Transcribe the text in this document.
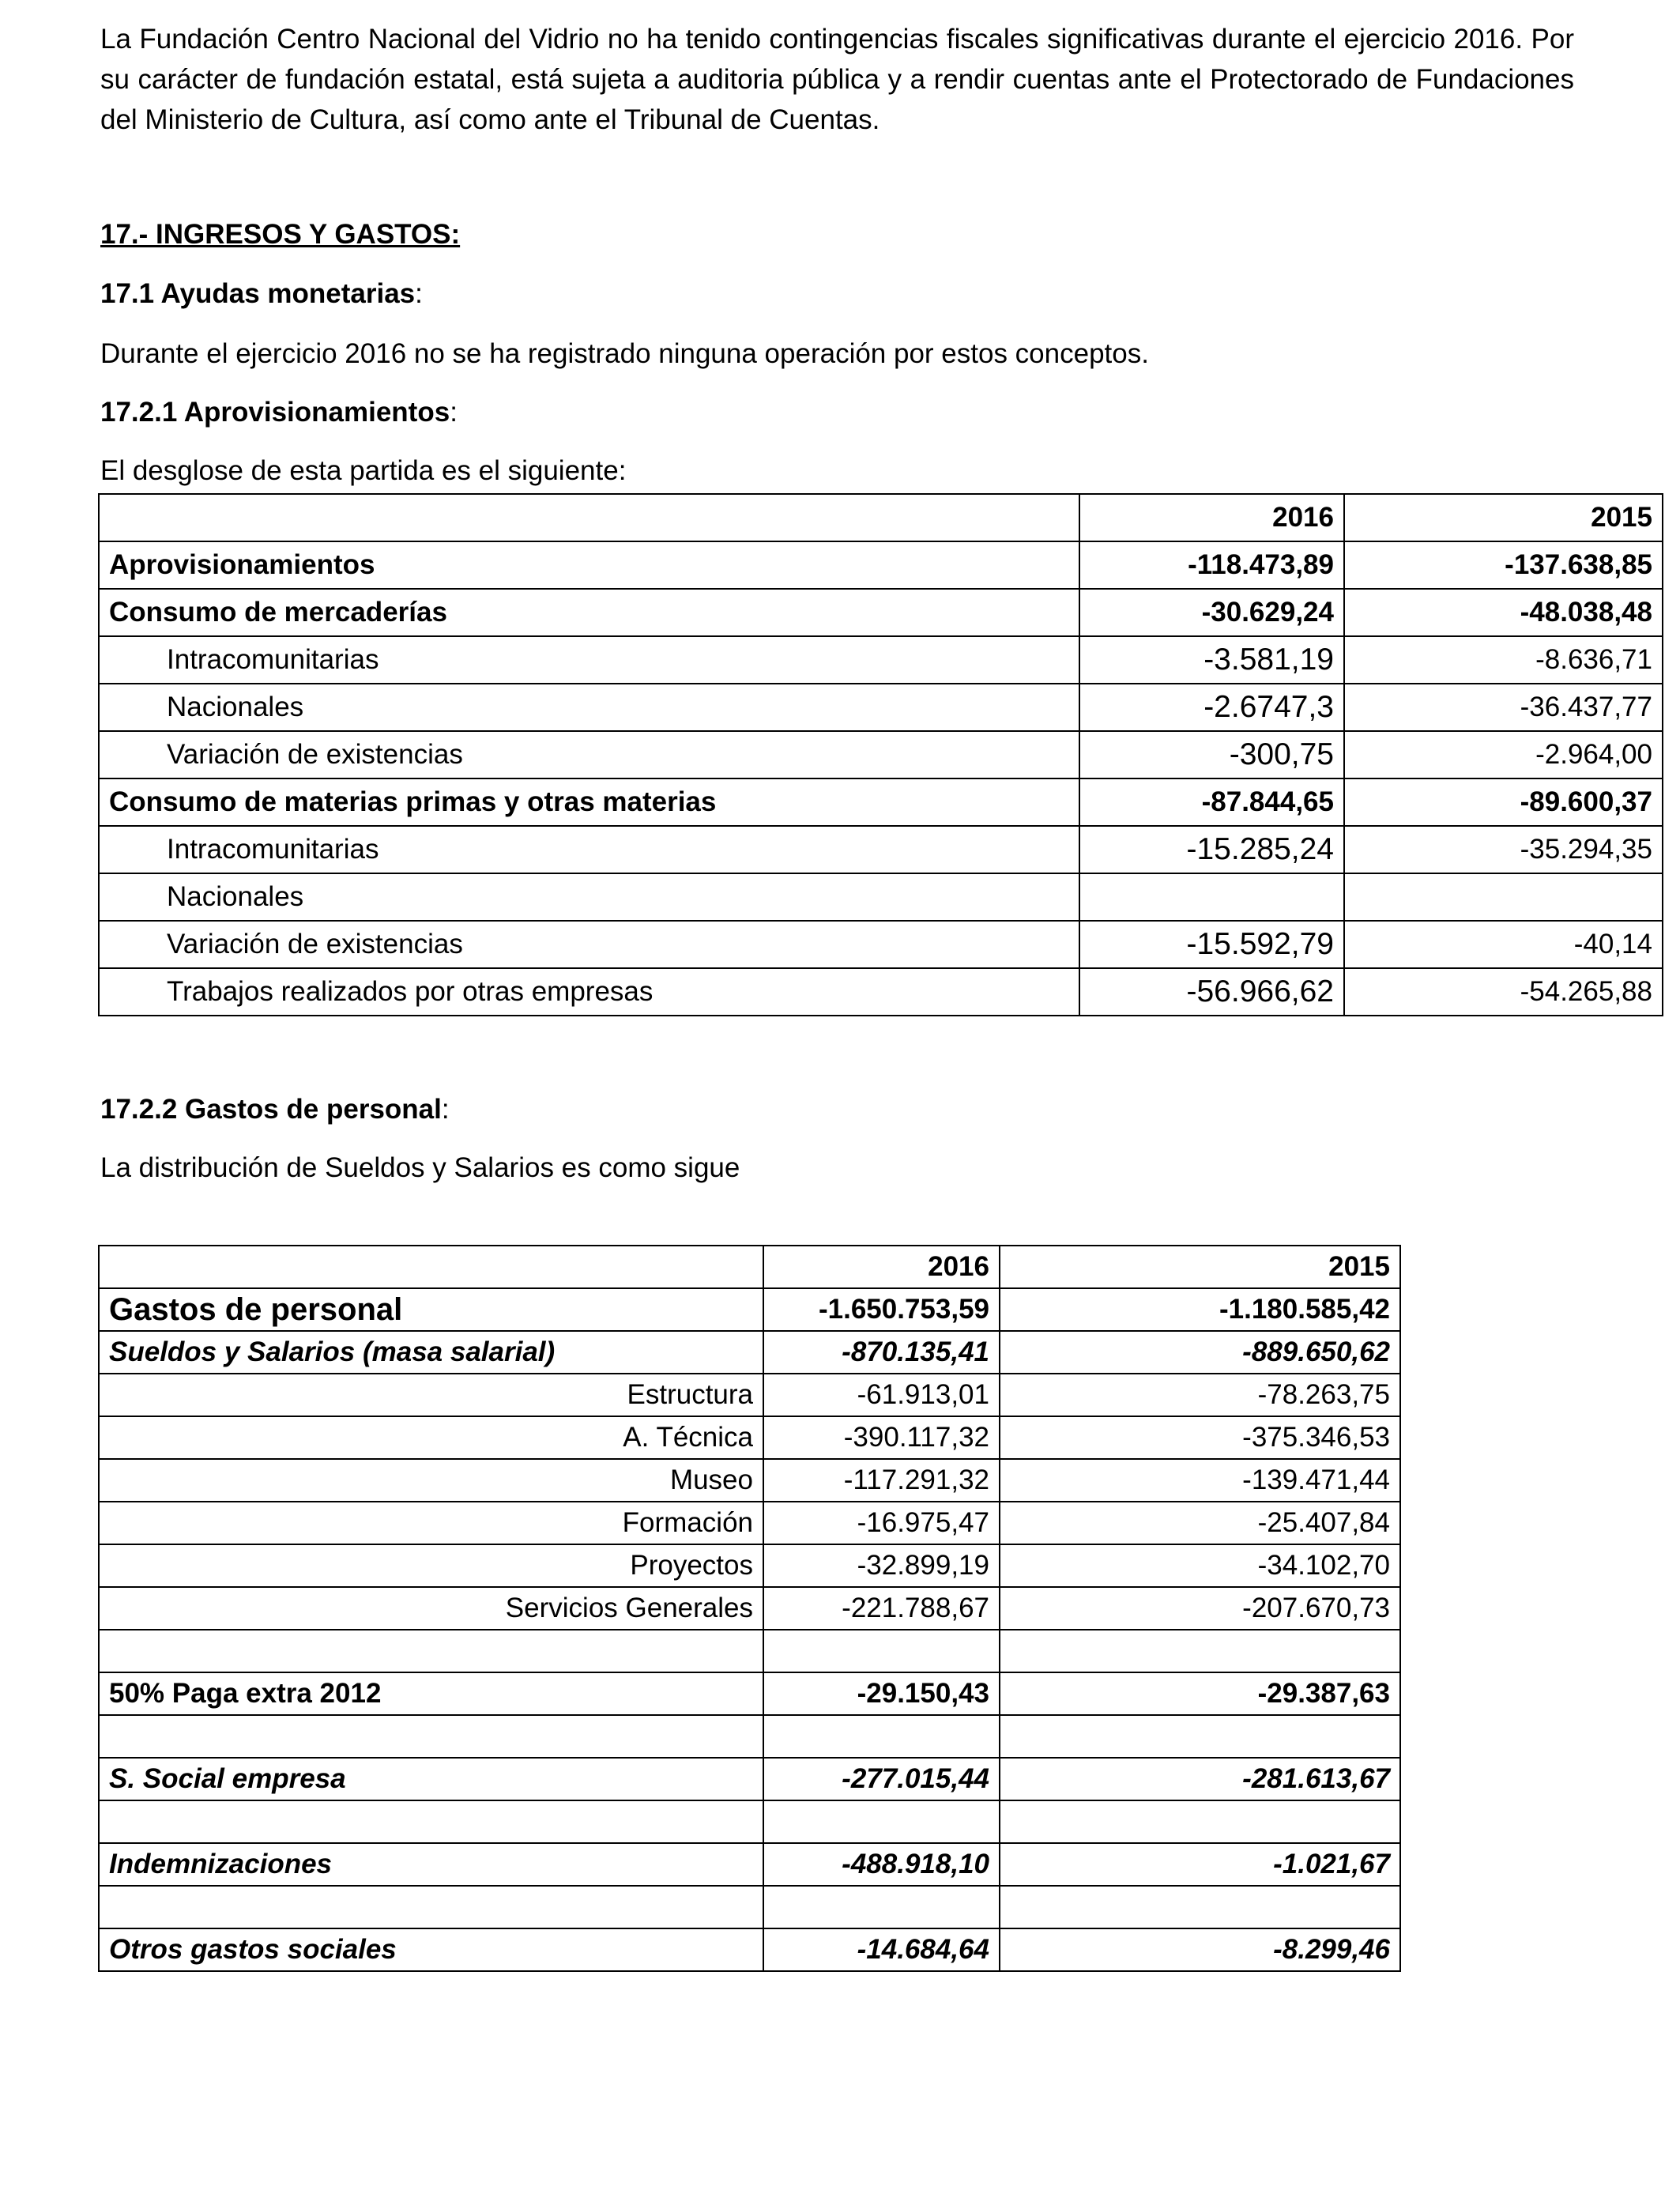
La Fundación Centro Nacional del Vidrio no ha tenido contingencias fiscales significativas durante el ejercicio 2016. Por su carácter de fundación estatal, está sujeta a auditoria pública y a rendir cuentas ante el Protectorado de Fundaciones del Ministerio de Cultura, así como ante el Tribunal de Cuentas.

17.- INGRESOS Y GASTOS:

17.1 Ayudas monetarias:

Durante el ejercicio 2016 no se ha registrado ninguna operación por estos conceptos.

17.2.1 Aprovisionamientos:

El desglose de esta partida es el siguiente:

	2016	2015
Aprovisionamientos	-118.473,89	-137.638,85
Consumo de mercaderías	-30.629,24	-48.038,48
Intracomunitarias	-3.581,19	-8.636,71
Nacionales	-2.6747,3	-36.437,77
Variación de existencias	-300,75	-2.964,00
Consumo de materias primas y otras materias	-87.844,65	-89.600,37
Intracomunitarias	-15.285,24	-35.294,35
Nacionales		
Variación de existencias	-15.592,79	-40,14
Trabajos realizados por otras empresas	-56.966,62	-54.265,88

17.2.2 Gastos de personal:

La distribución de Sueldos y Salarios es como sigue

	2016	2015
Gastos de personal	-1.650.753,59	-1.180.585,42
Sueldos y Salarios (masa salarial)	-870.135,41	-889.650,62
Estructura	-61.913,01	-78.263,75
A. Técnica	-390.117,32	-375.346,53
Museo	-117.291,32	-139.471,44
Formación	-16.975,47	-25.407,84
Proyectos	-32.899,19	-34.102,70
Servicios Generales	-221.788,67	-207.670,73

50% Paga extra 2012	-29.150,43	-29.387,63

S. Social empresa	-277.015,44	-281.613,67

Indemnizaciones	-488.918,10	-1.021,67

Otros gastos sociales	-14.684,64	-8.299,46
